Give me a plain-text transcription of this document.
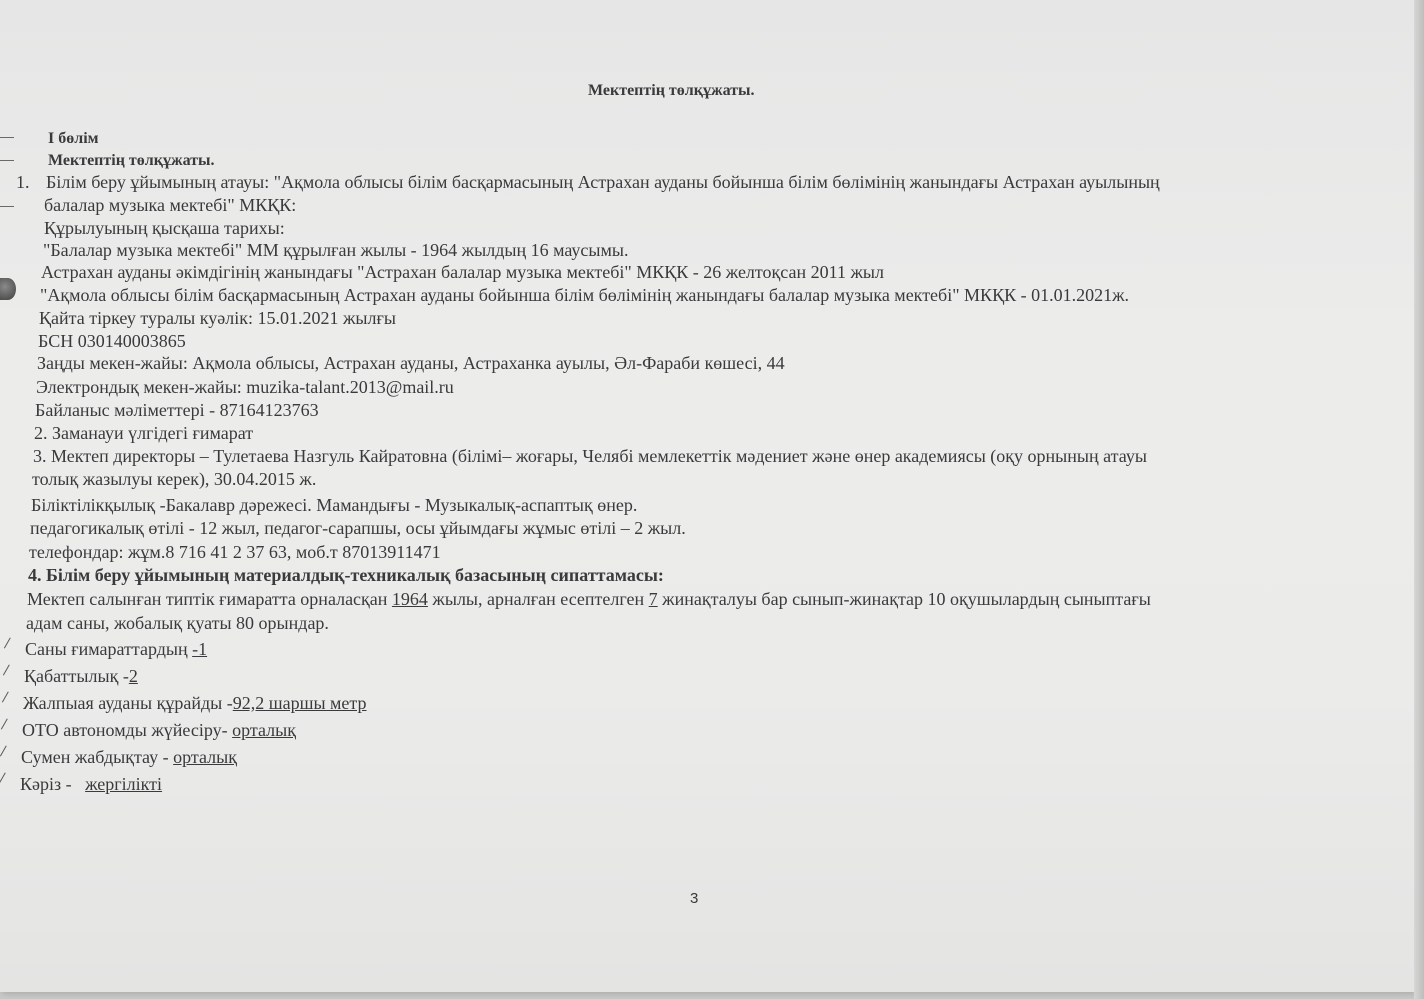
Мектептің төлқұжаты.
I бөлім
Мектептің төлқұжаты.
1. Білім беру ұйымының атауы: "Ақмола облысы білім басқармасының Астрахан ауданы бойынша білім бөлімінің жанындағы Астрахан ауылының
балалар музыка мектебі" МКҚК:
Құрылуының қысқаша тарихы:
"Балалар музыка мектебі" ММ құрылған жылы - 1964 жылдың 16 маусымы.
Астрахан ауданы әкімдігінің жанындағы "Астрахан балалар музыка мектебі" МКҚК - 26 желтоқсан 2011 жыл
"Ақмола облысы білім басқармасының Астрахан ауданы бойынша білім бөлімінің жанындағы балалар музыка мектебі" МКҚК - 01.01.2021ж.
Қайта тіркеу туралы куәлік: 15.01.2021 жылғы
БСН 030140003865
Заңды мекен-жайы: Ақмола облысы, Астрахан ауданы, Астраханка ауылы, Әл-Фараби көшесі, 44
Электрондық мекен-жайы: muzika-talant.2013@mail.ru
Байланыс мәліметтері - 87164123763
2. Заманауи үлгідегі ғимарат
3. Мектеп директоры – Тулетаева Назгуль Кайратовна (білімі– жоғары, Челябі мемлекеттік мәдениет және өнер академиясы (оқу орнының атауы
толық жазылуы керек), 30.04.2015 ж.
Біліктілікқылық -Бакалавр дәрежесі. Мамандығы - Музыкалық-аспаптық өнер.
педагогикалық өтілі - 12 жыл, педагог-сарапшы, осы ұйымдағы жұмыс өтілі – 2 жыл.
телефондар: жұм.8 716 41 2 37 63, моб.т 87013911471
4. Білім беру ұйымының материалдық-техникалық базасының сипаттамасы:
Мектеп салынған типтік ғимаратта орналасқан 1964 жылы, арналған есептелген 7 жинақталуы бар сынып-жинақтар 10 оқушылардың сыныптағы
адам саны, жобалық қуаты 80 орындар.
Саны ғимараттардың -1
Қабаттылық -2
Жалпыая ауданы құрайды -92,2 шаршы метр
ОТО автономды жүйесіру- орталық
Сумен жабдықтау - орталық
Кәріз -   жергілікті
3
